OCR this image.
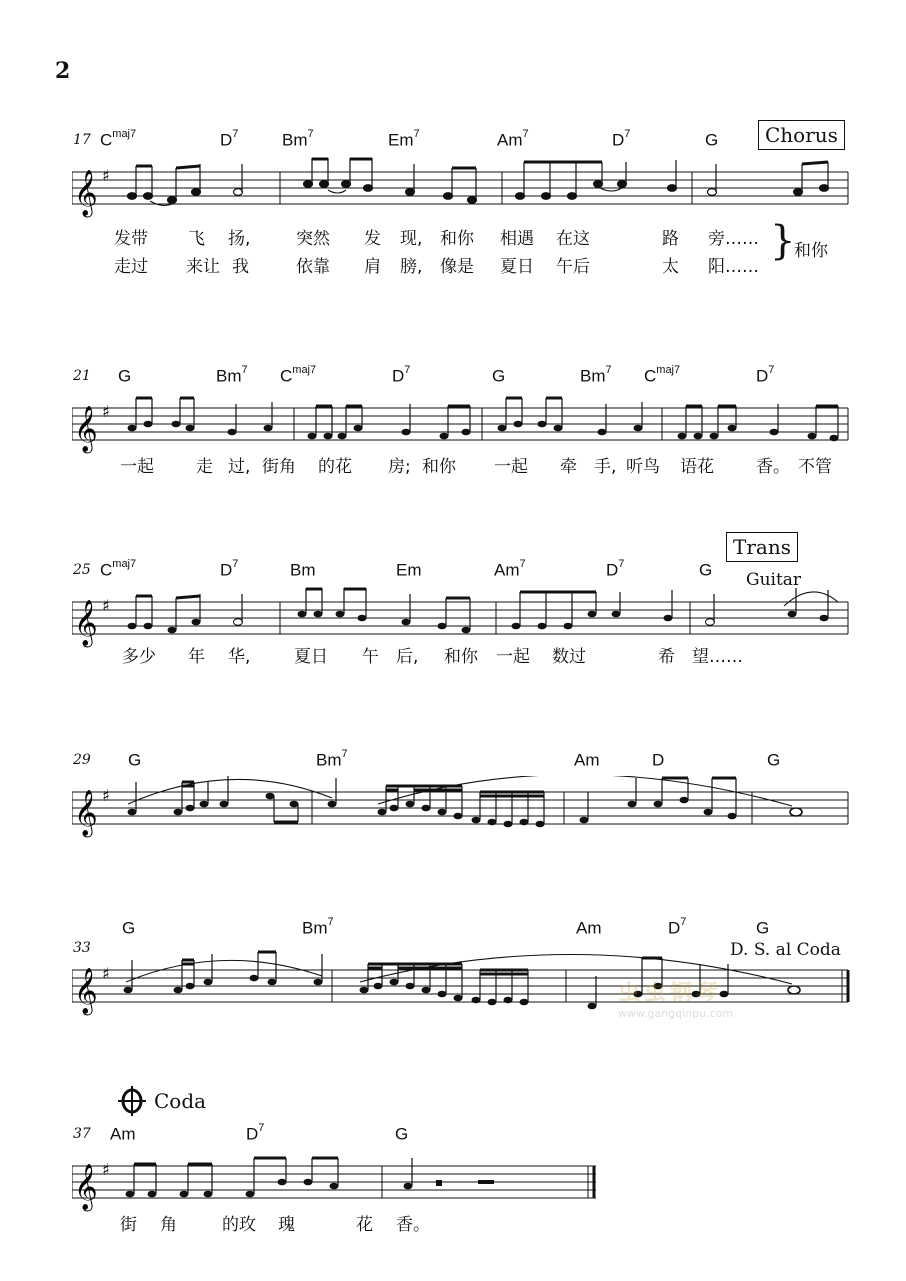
2
17	Chorus
$C^{maj7}$	$D^7$	Bm$^7$	Em$^7$	Am$^7$	$D^7$	G
𝄞 ♯
发带 飞 扬,	突然 发 现, 和你 相遇 在这	路 旁……
走过 来让 我	依靠 肩 膀, 像是 夏日 午后	太 阳……
}
和你
21 G	Bm$^7$ $C^{maj7}$	$D^7$	G	Bm$^7$ $C^{maj7}$	$D^7$
𝄞 ♯
一起 走 过, 街角 的花 房; 和你 一起 牵 手, 听鸟 语花 香。 不管
25
Trans
Guitar
$C^{maj7}$	$D^7$	Bm	Em	Am$^7$	$D^7$	G
𝄞 ♯
多少 年 华,	夏日 午 后, 和你 一起 数过	希 望……
29 G	Bm$^7$	Am	D	G
𝄞 ♯
33
G	Bm$^7$	Am	$D^7$	G
D. S. al Coda
𝄞 ♯
虫虫钢琴
www.gangqinpu.com
Coda
37 Am	$D^7$	G
𝄞 ♯
街 角	的玫 瑰	花 香。
